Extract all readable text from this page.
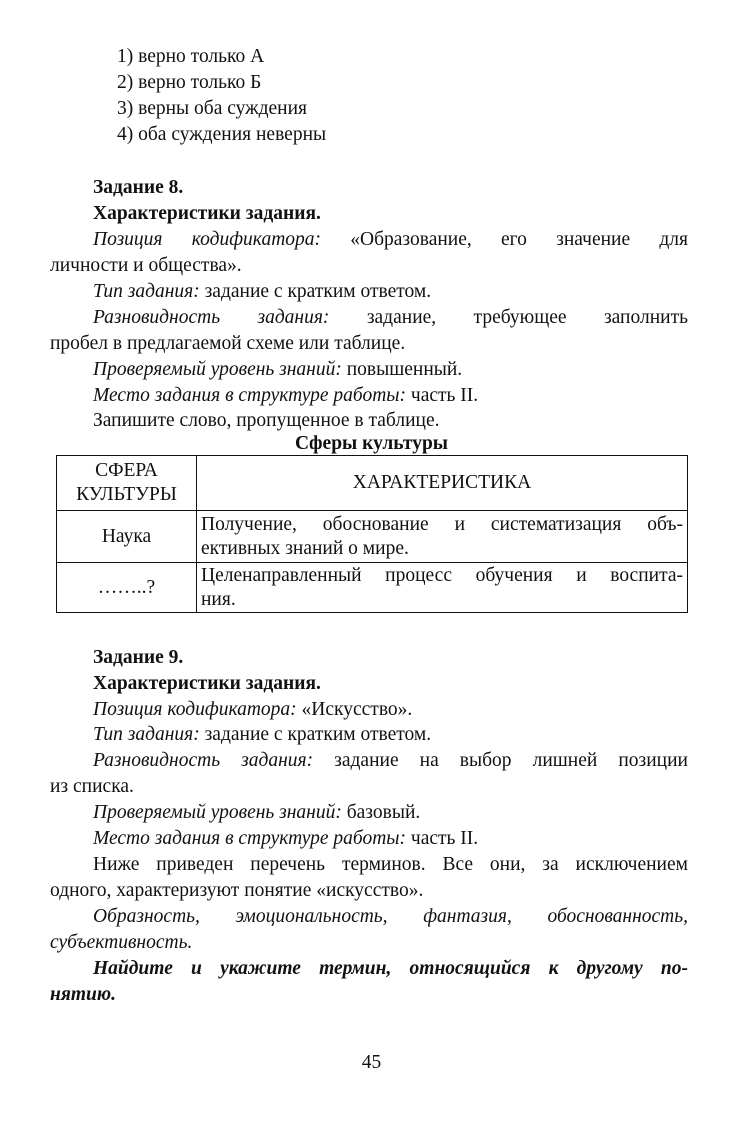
1) верно только А
2) верно только Б
3) верны оба суждения
4) оба суждения неверны
Задание 8.
Характеристики задания.
Позиция кодификатора: «Образование, его значение для
личности и общества».
Тип задания: задание с кратким ответом.
Разновидность задания: задание, требующее заполнить
пробел в предлагаемой схеме или таблице.
Проверяемый уровень знаний: повышенный.
Место задания в структуре работы: часть II.
Запишите слово, пропущенное в таблице.
Сферы культуры
СФЕРА
КУЛЬТУРЫ	ХАРАКТЕРИСТИКА
Наука	Получение, обоснование и систематизация объ-
ективных знаний о мире.

……..?	Целенаправленный процесс обучения и воспита-
ния.
Задание 9.
Характеристики задания.
Позиция кодификатора: «Искусство».
Тип задания: задание с кратким ответом.
Разновидность задания: задание на выбор лишней позиции
из списка.
Проверяемый уровень знаний: базовый.
Место задания в структуре работы: часть II.
Ниже приведен перечень терминов. Все они, за исключением
одного, характеризуют понятие «искусство».
Образность, эмоциональность, фантазия, обоснованность,
субъективность.
Найдите и укажите термин, относящийся к другому по-
нятию.
45
